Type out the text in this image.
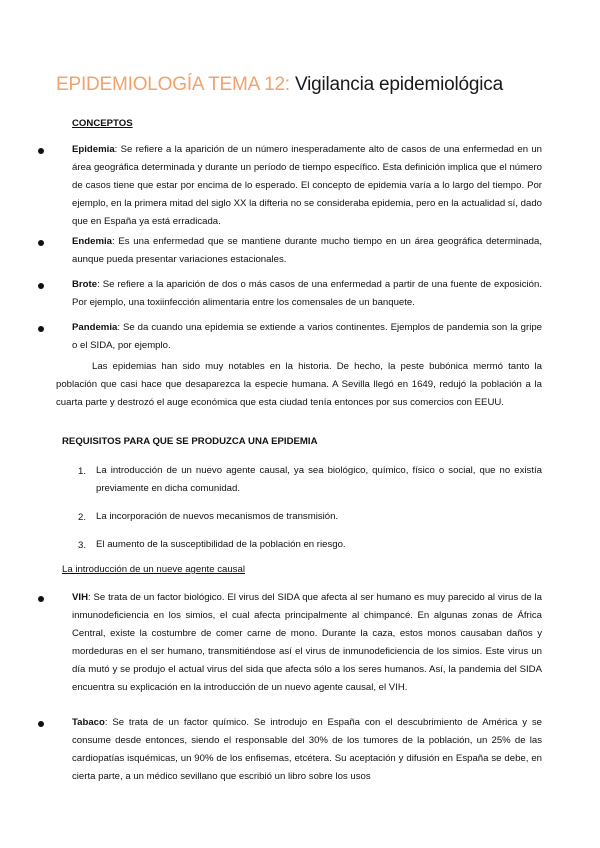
EPIDEMIOLOGÍA TEMA 12: Vigilancia epidemiológica
CONCEPTOS
Epidemia: Se refiere a la aparición de un número inesperadamente alto de casos de una enfermedad en un área geográfica determinada y durante un período de tiempo específico. Esta definición implica que el número de casos tiene que estar por encima de lo esperado. El concepto de epidemia varía a lo largo del tiempo. Por ejemplo, en la primera mitad del siglo XX la difteria no se consideraba epidemia, pero en la actualidad sí, dado que en España ya está erradicada.
Endemia: Es una enfermedad que se mantiene durante mucho tiempo en un área geográfica determinada, aunque pueda presentar variaciones estacionales.
Brote: Se refiere a la aparición de dos o más casos de una enfermedad a partir de una fuente de exposición. Por ejemplo, una toxiinfección alimentaria entre los comensales de un banquete.
Pandemia: Se da cuando una epidemia se extiende a varios continentes. Ejemplos de pandemia son la gripe o el SIDA, por ejemplo.
Las epidemias han sido muy notables en la historia. De hecho, la peste bubónica mermó tanto la población que casi hace que desaparezca la especie humana. A Sevilla llegó en 1649, redujó la población a la cuarta parte y destrozó el auge económica que esta ciudad tenía entonces por sus comercios con EEUU.
REQUISITOS PARA QUE SE PRODUZCA UNA EPIDEMIA
1. La introducción de un nuevo agente causal, ya sea biológico, químico, físico o social, que no existía previamente en dicha comunidad.
2. La incorporación de nuevos mecanismos de transmisión.
3. El aumento de la susceptibilidad de la población en riesgo.
La introducción de un nueve agente causal
VIH: Se trata de un factor biológico. El virus del SIDA que afecta al ser humano es muy parecido al virus de la inmunodeficiencia en los simios, el cual afecta principalmente al chimpancé. En algunas zonas de África Central, existe la costumbre de comer carne de mono. Durante la caza, estos monos causaban daños y mordeduras en el ser humano, transmitiéndose así el virus de inmunodeficiencia de los simios. Este virus un día mutó y se produjo el actual virus del sida que afecta sólo a los seres humanos. Así, la pandemia del SIDA encuentra su explicación en la introducción de un nuevo agente causal, el VIH.
Tabaco: Se trata de un factor químico. Se introdujo en España con el descubrimiento de América y se consume desde entonces, siendo el responsable del 30% de los tumores de la población, un 25% de las cardiopatías isquémicas, un 90% de los enfisemas, etcétera. Su aceptación y difusión en España se debe, en cierta parte, a un médico sevillano que escribió un libro sobre los usos
